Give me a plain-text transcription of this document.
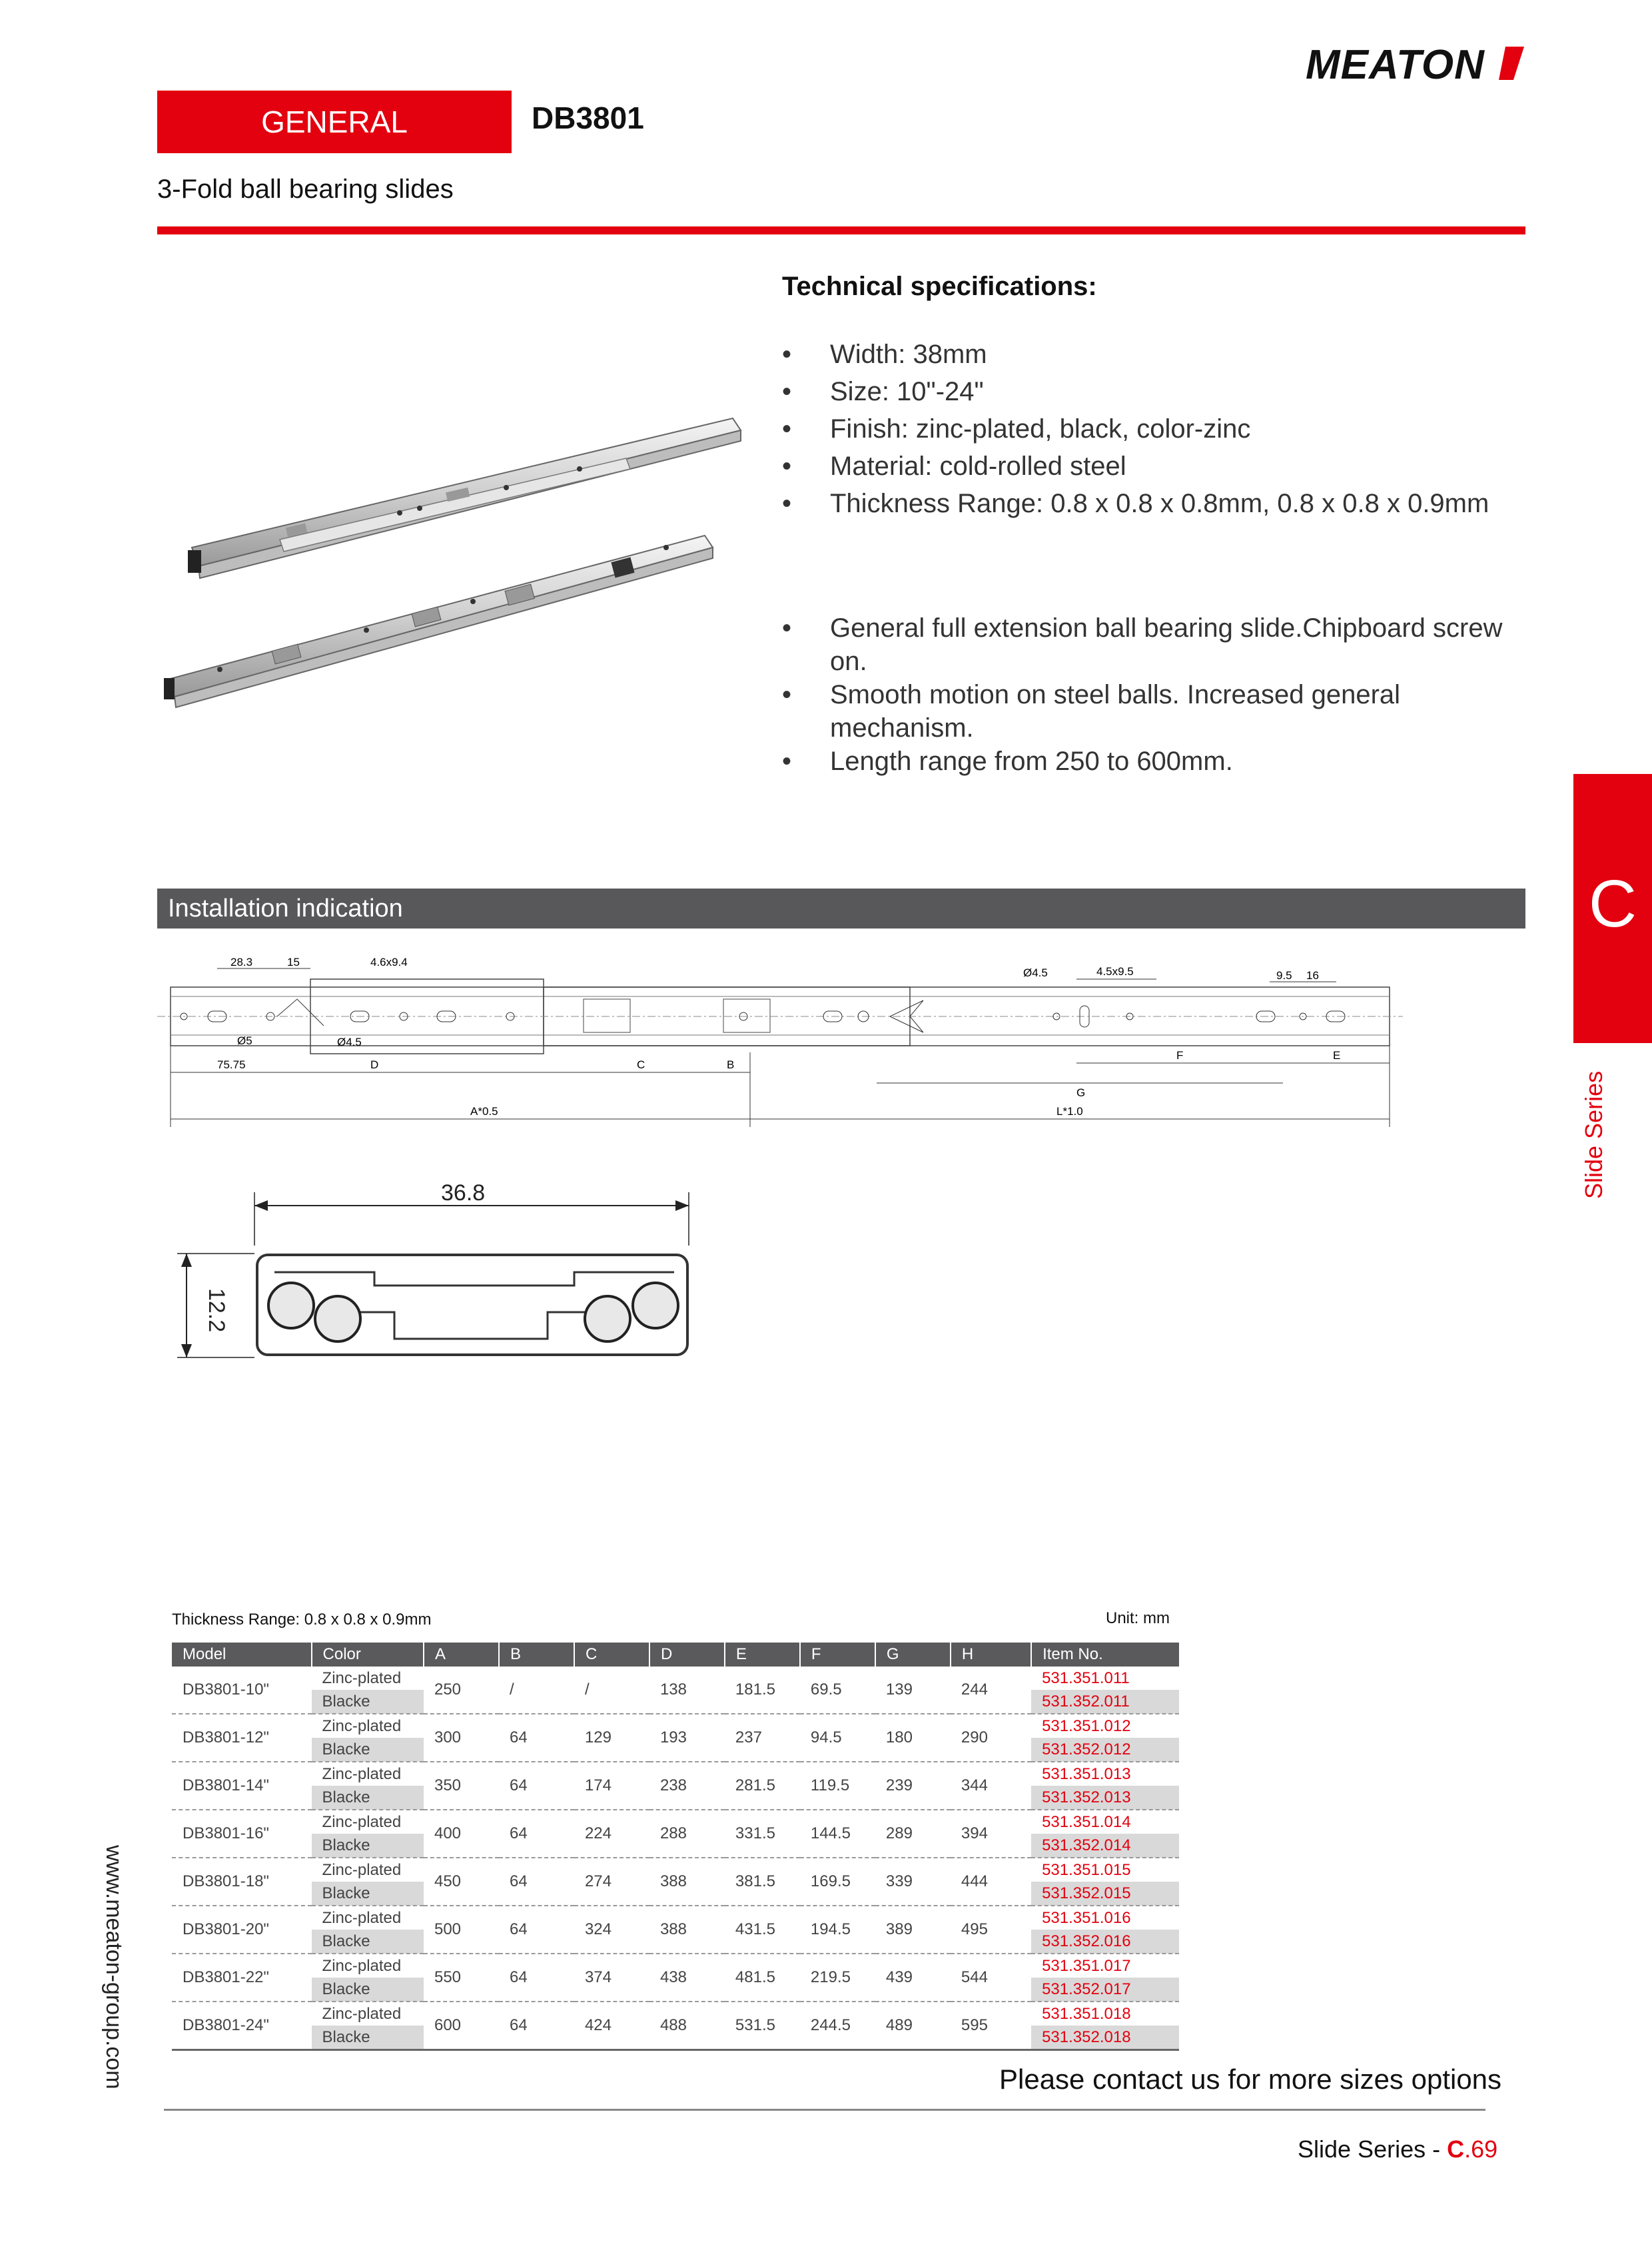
MEATON
GENERAL	DB3801
3-Fold ball bearing slides
Technical specifications:
• Width: 38mm
• Size: 10"-24"
• Finish: zinc-plated, black, color-zinc
• Material: cold-rolled steel
• Thickness Range: 0.8 x 0.8 x 0.8mm, 0.8 x 0.8 x 0.9mm
• General full extension ball bearing slide.Chipboard screw on.
• Smooth motion on steel balls. Increased general mechanism.
• Length range from 250 to 600mm.
C
Slide Series
Installation indication
28.3	15	4.6x9.4
Ø5	Ø4.5
Ø4.5	4.5x9.5	9.5 16
75.75	D	C	B
F	E
G
A*0.5	L*1.0
36.8
12.2
www.meaton-group.com
Thickness Range: 0.8 x 0.8 x 0.9mm	Unit: mm
Model	Color	A	B	C	D	E	F	G	H	Item No.
DB3801-10"	Zinc-plated	250	/	/	138	181.5	69.5	139	244	531.351.011
	Blacke									531.352.011
DB3801-12"	Zinc-plated	300	64	129	193	237	94.5	180	290	531.351.012
	Blacke									531.352.012
DB3801-14"	Zinc-plated	350	64	174	238	281.5	119.5	239	344	531.351.013
	Blacke									531.352.013
DB3801-16"	Zinc-plated	400	64	224	288	331.5	144.5	289	394	531.351.014
	Blacke									531.352.014
DB3801-18"	Zinc-plated	450	64	274	388	381.5	169.5	339	444	531.351.015
	Blacke									531.352.015
DB3801-20"	Zinc-plated	500	64	324	388	431.5	194.5	389	495	531.351.016
	Blacke									531.352.016
DB3801-22"	Zinc-plated	550	64	374	438	481.5	219.5	439	544	531.351.017
	Blacke									531.352.017
DB3801-24"	Zinc-plated	600	64	424	488	531.5	244.5	489	595	531.351.018
	Blacke									531.352.018
Please contact us for more sizes options
Slide Series - C.69
